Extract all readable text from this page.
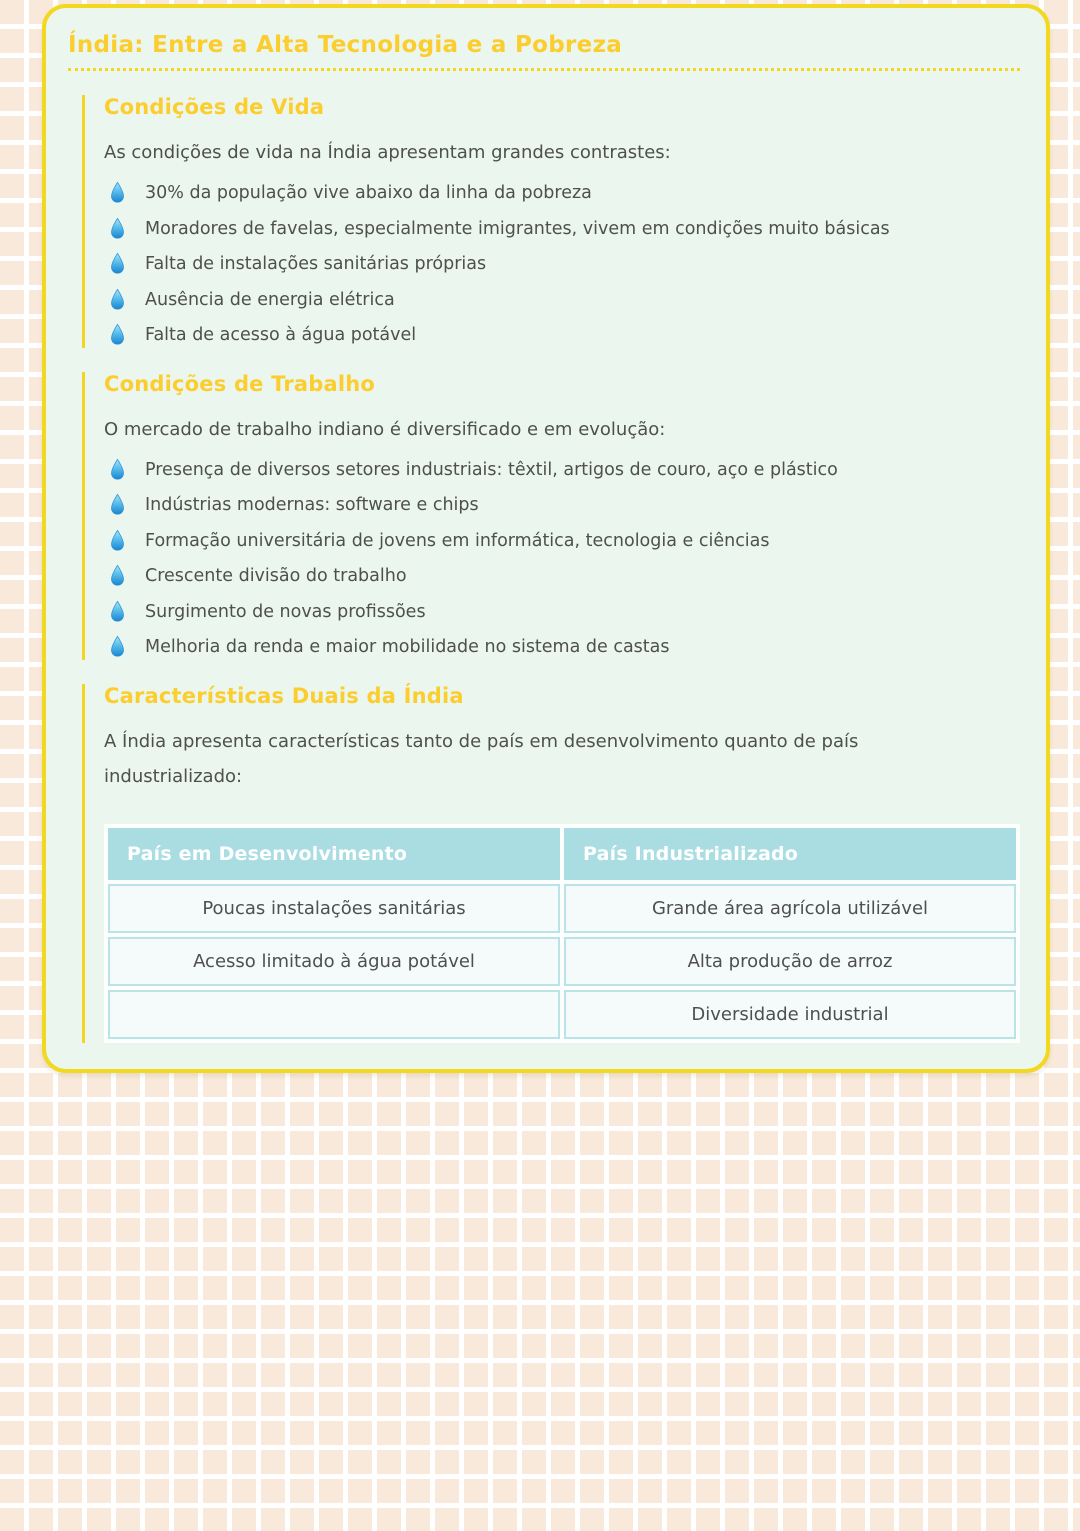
Índia: Entre a Alta Tecnologia e a Pobreza
Condições de Vida

As condições de vida na Índia apresentam grandes contrastes:

30% da população vive abaixo da linha da pobreza
Moradores de favelas, especialmente imigrantes, vivem em condições muito básicas
Falta de instalações sanitárias próprias
Ausência de energia elétrica
Falta de acesso à água potável
Condições de Trabalho

O mercado de trabalho indiano é diversificado e em evolução:

Presença de diversos setores industriais: têxtil, artigos de couro, aço e plástico
Indústrias modernas: software e chips
Formação universitária de jovens em informática, tecnologia e ciências
Crescente divisão do trabalho
Surgimento de novas profissões
Melhoria da renda e maior mobilidade no sistema de castas
Características Duais da Índia

A Índia apresenta características tanto de país em desenvolvimento quanto de país industrializado:

País em Desenvolvimento	País Industrializado
Poucas instalações sanitárias	Grande área agrícola utilizável
Acesso limitado à água potável	Alta produção de arroz
	Diversidade industrial
